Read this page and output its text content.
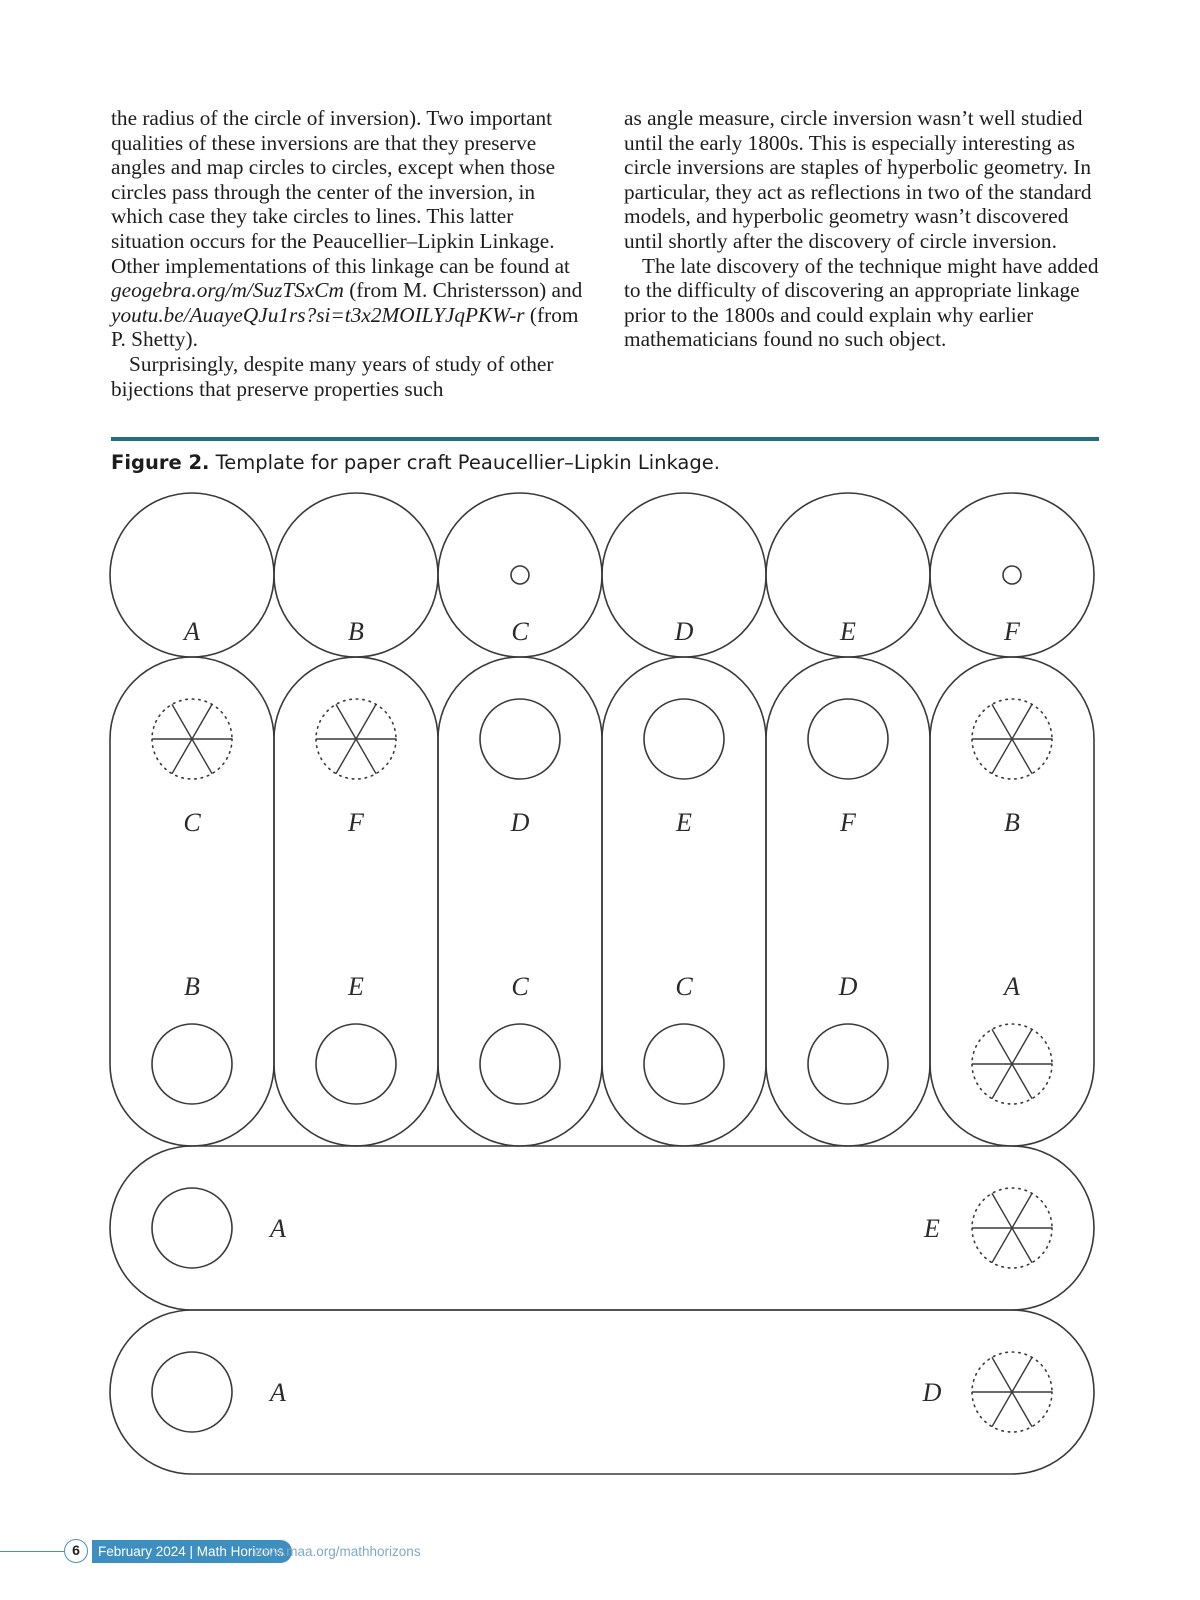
the radius of the circle of inversion). Two important qualities of these inversions are that they preserve angles and map circles to circles, except when those circles pass through the center of the inversion, in which case they take circles to lines. This latter situation occurs for the Peaucellier–Lipkin Linkage. Other implementations of this linkage can be found at geogebra.org/m/SuzTSxCm (from M. Christersson) and youtu.be/AuayeQJu1rs?si=t3x2MOILYJqPKW-r (from P. Shetty).

Surprisingly, despite many years of study of other bijections that preserve properties such

as angle measure, circle inversion wasn’t well studied until the early 1800s. This is especially interesting as circle inversions are staples of hyperbolic geometry. In particular, they act as reflections in two of the standard models, and hyperbolic geometry wasn’t discovered until shortly after the discovery of circle inversion.

The late discovery of the technique might have added to the difficulty of discovering an appropriate linkage prior to the 1800s and could explain why earlier mathematicians found no such object.

Figure 2. Template for paper craft Peaucellier–Lipkin Linkage.
A	B	C	D	E	F
C
B
F
E
D
C
E
C
F
D
B
A
A	E
A	D
6	February 2024 | Math Horizons
www.maa.org/mathhorizons
